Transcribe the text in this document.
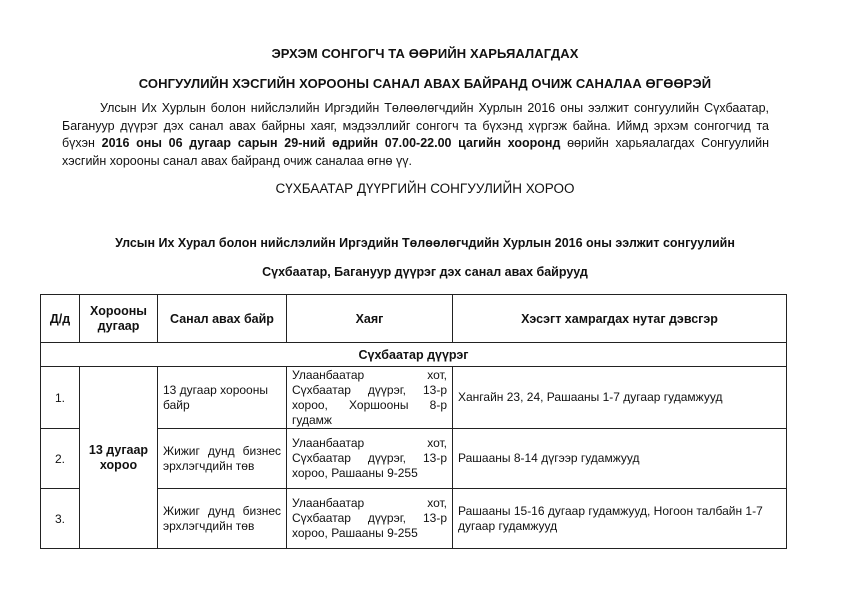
ЭРХЭМ СОНГОГЧ ТА ӨӨРИЙН ХАРЬЯАЛАГДАХ
СОНГУУЛИЙН ХЭСГИЙН ХОРООНЫ САНАЛ АВАХ БАЙРАНД ОЧИЖ САНАЛАА ӨГӨӨРЭЙ
Улсын Их Хурлын болон нийслэлийн Иргэдийн Төлөөлөгчдийн Хурлын 2016 оны ээлжит сонгуулийн Сүхбаатар, Багануур дүүрэг дэх санал авах байрны хаяг, мэдээллийг сонгогч та бүхэнд хүргэж байна. Иймд эрхэм сонгогчид та бүхэн 2016 оны 06 дугаар сарын 29-ний өдрийн 07.00-22.00 цагийн хооронд өөрийн харьяалагдах Сонгуулийн хэсгийн хорооны санал авах байранд очиж саналаа өгнө үү.
СҮХБААТАР ДҮҮРГИЙН СОНГУУЛИЙН ХОРОО
Улсын Их Хурал болон нийслэлийн Иргэдийн Төлөөлөгчдийн Хурлын 2016 оны ээлжит сонгуулийн
Сүхбаатар, Багануур дүүрэг дэх санал авах байрууд
Д/д	Хорооны дугаар	Санал авах байр	Хаяг	Хэсэгт хамрагдах нутаг дэвсгэр
Сүхбаатар дүүрэг				
1.	13 дугаар хороо	13 дугаар хорооны байр	Улаанбаатар хот, Сүхбаатар дүүрэг, 13-р хороо, Хоршооны 8-р гудамж	Хангайн 23, 24, Рашааны 1-7 дугаар гудамжууд
2.		Жижиг дунд бизнес эрхлэгчдийн төв	Улаанбаатар хот, Сүхбаатар дүүрэг, 13-р хороо, Рашааны 9-255	Рашааны 8-14 дүгээр гудамжууд
3.		Жижиг дунд бизнес эрхлэгчдийн төв	Улаанбаатар хот, Сүхбаатар дүүрэг, 13-р хороо, Рашааны 9-255	Рашааны 15-16 дугаар гудамжууд, Ногоон талбайн 1-7 дугаар гудамжууд
